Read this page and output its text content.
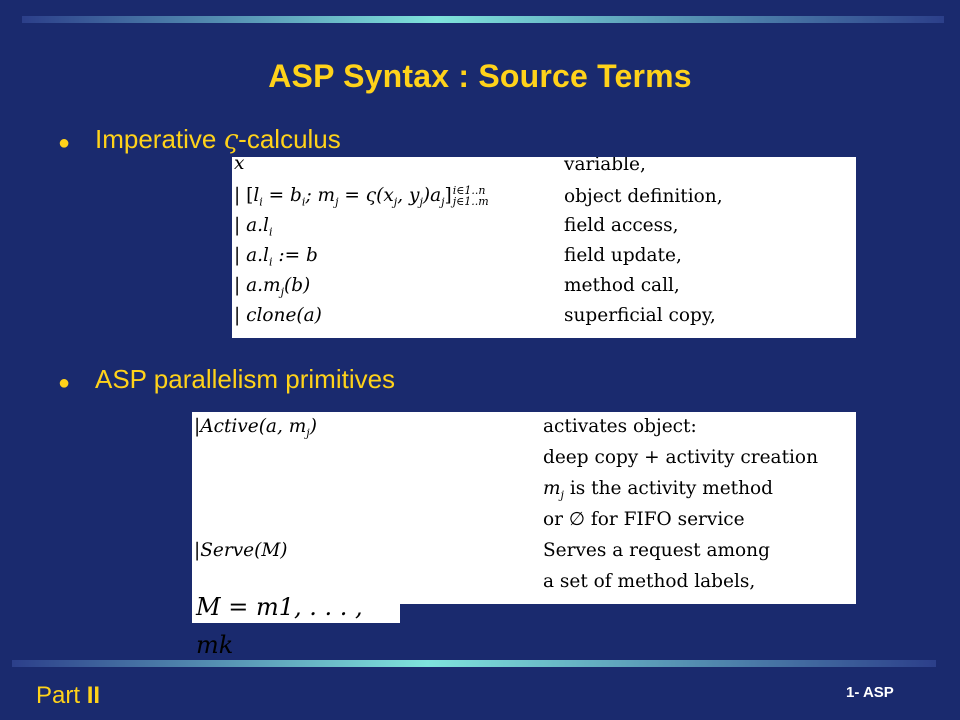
ASP Syntax : Source Terms
● Imperative ς-calculus
x	variable,
| [$l_i = b_i$; $m_j = \varsigma(x_j$, $y_j)a_j]i\in 1..n$
j∈1..m	object definition,
| $a.l_i$	field access,
| $a.l_i$ := b	field update,
| $a.m_j(b)$	method call,
| clone(a)	superficial copy,
● ASP parallelism primitives
|Active(a, $m_j$)	activates object:
deep copy + activity creation
$m_j$ is the activity method
or ∅ for FIFO service
|Serve(M)	Serves a request among
a set of method labels,
M = m1, . . . , mk
Part II	1- ASP
